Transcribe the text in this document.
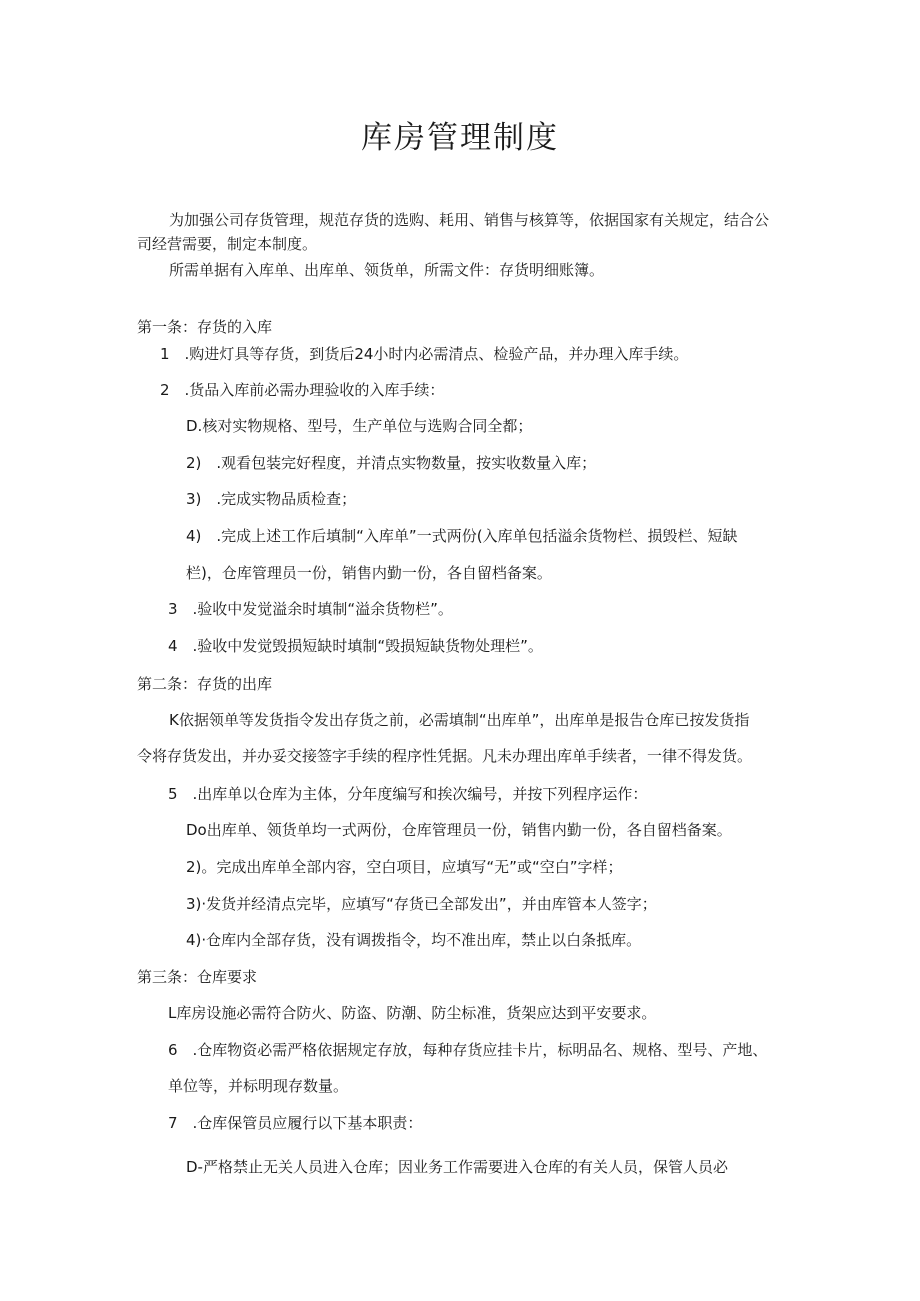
库房管理制度
为加强公司存货管理，规范存货的选购、耗用、销售与核算等，依据国家有关规定，结合公
司经营需要，制定本制度。
所需单据有入库单、出库单、领货单，所需文件：存货明细账簿。
第一条：存货的入库
1　.购进灯具等存货，到货后24小时内必需清点、检验产品，并办理入库手续。
2　.货品入库前必需办理验收的入库手续：
D.核对实物规格、型号，生产单位与选购合同全都；
2)　.观看包装完好程度，并清点实物数量，按实收数量入库；
3)　.完成实物品质检查；
4)　.完成上述工作后填制“入库单”一式两份(入库单包括溢余货物栏、损毁栏、短缺
栏)，仓库管理员一份，销售内勤一份，各自留档备案。
3　.验收中发觉溢余时填制“溢余货物栏”。
4　.验收中发觉毁损短缺时填制“毁损短缺货物处理栏”。
第二条：存货的出库
K依据领单等发货指令发出存货之前，必需填制“出库单”，出库单是报告仓库已按发货指
令将存货发出，并办妥交接签字手续的程序性凭据。凡未办理出库单手续者，一律不得发货。
5　.出库单以仓库为主体，分年度编写和挨次编号，并按下列程序运作：
Do出库单、领货单均一式两份，仓库管理员一份，销售内勤一份，各自留档备案。
2)。完成出库单全部内容，空白项目，应填写“无”或“空白”字样；
3)·发货并经清点完毕，应填写“存货已全部发出”，并由库管本人签字；
4)·仓库内全部存货，没有调拨指令，均不准出库，禁止以白条抵库。
第三条：仓库要求
L库房设施必需符合防火、防盗、防潮、防尘标准，货架应达到平安要求。
6　.仓库物资必需严格依据规定存放，每种存货应挂卡片，标明品名、规格、型号、产地、
单位等，并标明现存数量。
7　.仓库保管员应履行以下基本职责：
D-严格禁止无关人员进入仓库；因业务工作需要进入仓库的有关人员，保管人员必
